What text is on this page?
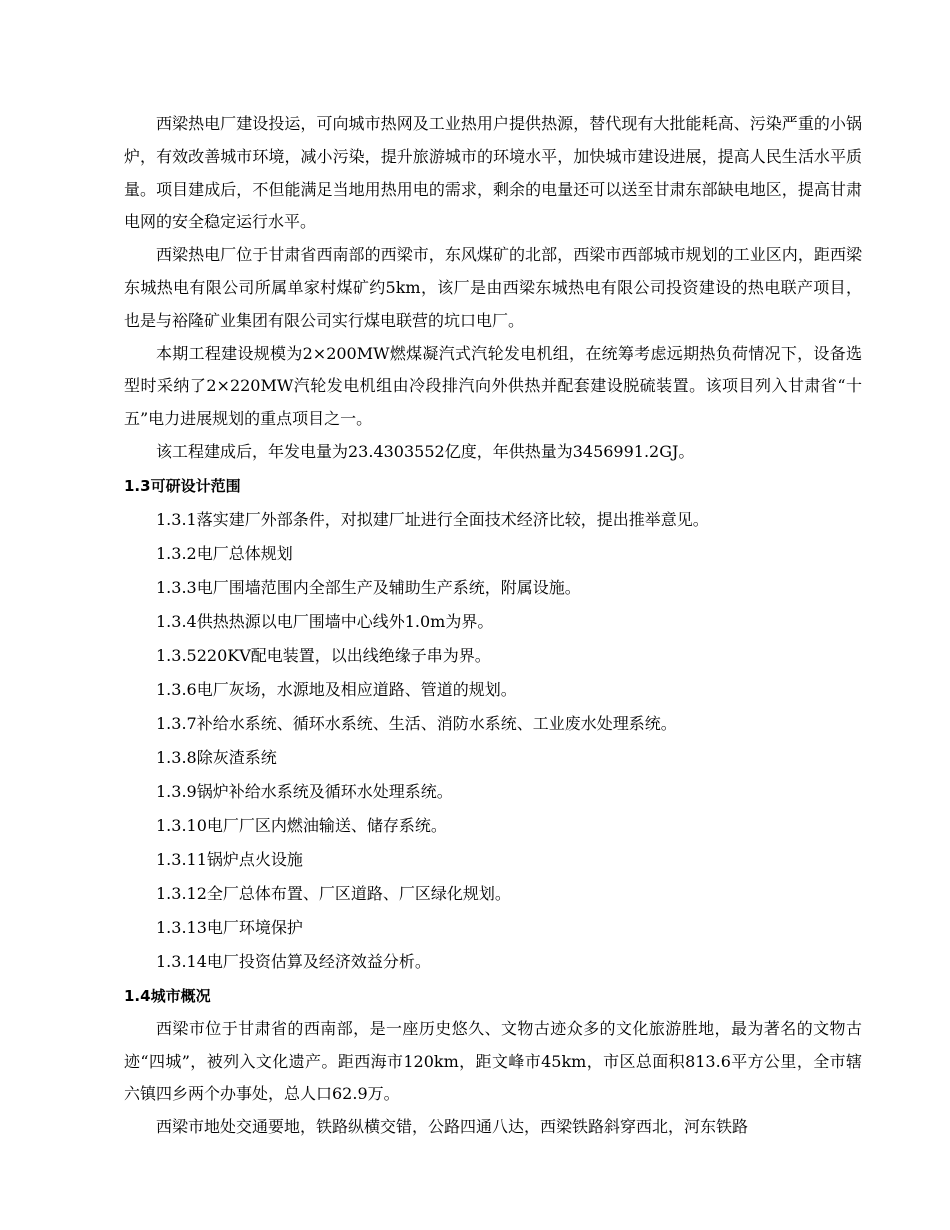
西梁热电厂建设投运，可向城市热网及工业热用户提供热源，替代现有大批能耗高、污染严重的小锅炉，有效改善城市环境，减小污染，提升旅游城市的环境水平，加快城市建设进展，提高人民生活水平质量。项目建成后，不但能满足当地用热用电的需求，剩余的电量还可以送至甘肃东部缺电地区，提高甘肃电网的安全稳定运行水平。

西梁热电厂位于甘肃省西南部的西梁市，东风煤矿的北部，西梁市西部城市规划的工业区内，距西梁东城热电有限公司所属单家村煤矿约5km，该厂是由西梁东城热电有限公司投资建设的热电联产项目，也是与裕隆矿业集团有限公司实行煤电联营的坑口电厂。

本期工程建设规模为2×200MW燃煤凝汽式汽轮发电机组，在统筹考虑远期热负荷情况下，设备选型时采纳了2×220MW汽轮发电机组由冷段排汽向外供热并配套建设脱硫装置。该项目列入甘肃省“十五”电力进展规划的重点项目之一。

该工程建成后，年发电量为23.4303552亿度，年供热量为3456991.2GJ。

1.3可研设计范围

1.3.1落实建厂外部条件，对拟建厂址进行全面技术经济比较，提出推举意见。

1.3.2电厂总体规划

1.3.3电厂围墙范围内全部生产及辅助生产系统，附属设施。

1.3.4供热热源以电厂围墙中心线外1.0m为界。

1.3.5220KV配电装置，以出线绝缘子串为界。

1.3.6电厂灰场，水源地及相应道路、管道的规划。

1.3.7补给水系统、循环水系统、生活、消防水系统、工业废水处理系统。

1.3.8除灰渣系统

1.3.9锅炉补给水系统及循环水处理系统。

1.3.10电厂厂区内燃油输送、储存系统。

1.3.11锅炉点火设施

1.3.12全厂总体布置、厂区道路、厂区绿化规划。

1.3.13电厂环境保护

1.3.14电厂投资估算及经济效益分析。

1.4城市概况

西梁市位于甘肃省的西南部，是一座历史悠久、文物古迹众多的文化旅游胜地，最为著名的文物古迹“四城”，被列入文化遗产。距西海市120km，距文峰市45km，市区总面积813.6平方公里，全市辖六镇四乡两个办事处，总人口62.9万。

西梁市地处交通要地，铁路纵横交错，公路四通八达，西梁铁路斜穿西北，河东铁路
